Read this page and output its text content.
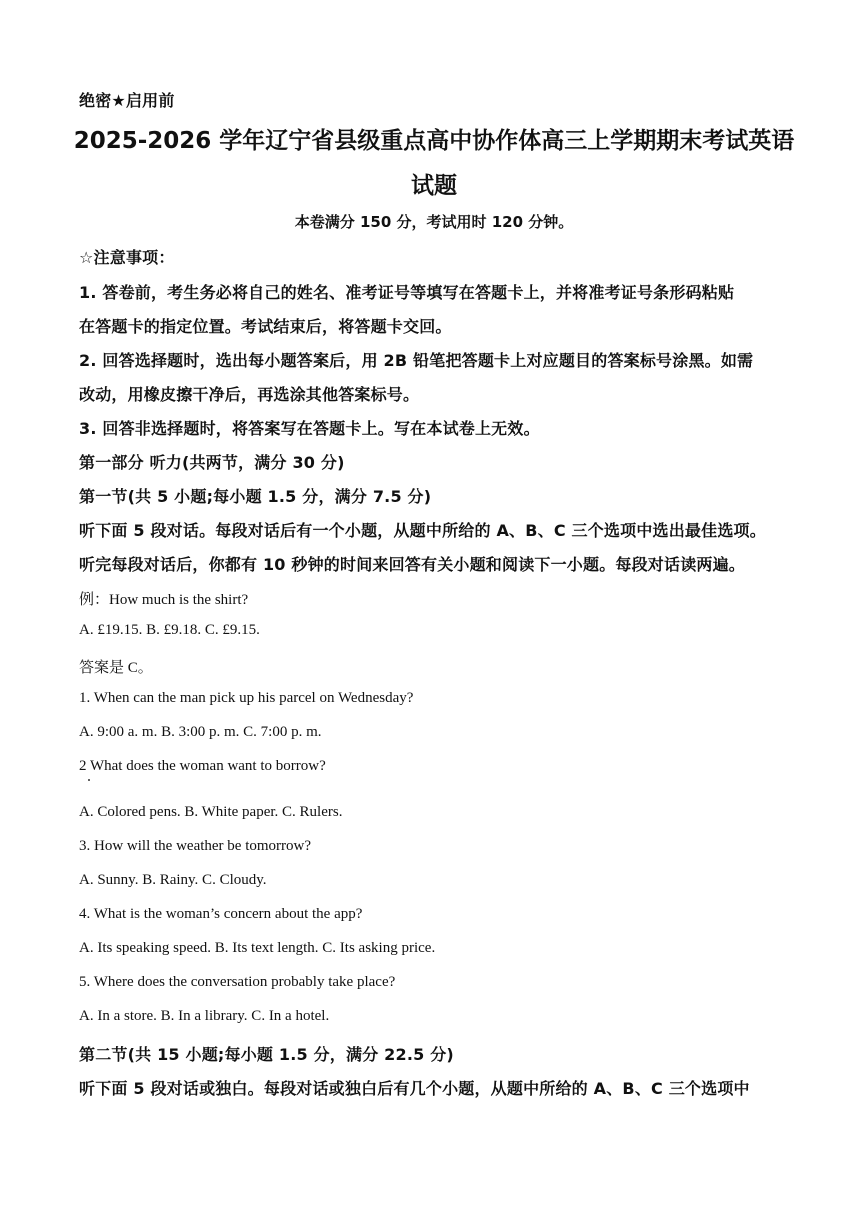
绝密★启用前
2025-2026 学年辽宁省县级重点高中协作体高三上学期期末考试英语
试题
本卷满分 150 分，考试用时 120 分钟。
☆注意事项：
1. 答卷前，考生务必将自己的姓名、准考证号等填写在答题卡上，并将准考证号条形码粘贴
在答题卡的指定位置。考试结束后，将答题卡交回。
2. 回答选择题时，选出每小题答案后，用 2B 铅笔把答题卡上对应题目的答案标号涂黑。如需
改动，用橡皮擦干净后，再选涂其他答案标号。
3. 回答非选择题时，将答案写在答题卡上。写在本试卷上无效。
第一部分 听力(共两节，满分 30 分)
第一节(共 5 小题;每小题 1.5 分，满分 7.5 分)
听下面 5 段对话。每段对话后有一个小题，从题中所给的 A、B、C 三个选项中选出最佳选项。
听完每段对话后，你都有 10 秒钟的时间来回答有关小题和阅读下一小题。每段对话读两遍。
例：How much is the shirt?
A. £19.15. B. £9.18. C. £9.15.
答案是 C。
1. When can the man pick up his parcel on Wednesday?
A. 9:00 a. m. B. 3:00 p. m. C. 7:00 p. m.
2 What does the woman want to borrow?
A. Colored pens. B. White paper. C. Rulers.
3. How will the weather be tomorrow?
A. Sunny. B. Rainy. C. Cloudy.
4. What is the woman’s concern about the app?
A. Its speaking speed. B. Its text length. C. Its asking price.
5. Where does the conversation probably take place?
A. In a store. B. In a library. C. In a hotel.
第二节(共 15 小题;每小题 1.5 分，满分 22.5 分)
听下面 5 段对话或独白。每段对话或独白后有几个小题，从题中所给的 A、B、C 三个选项中
